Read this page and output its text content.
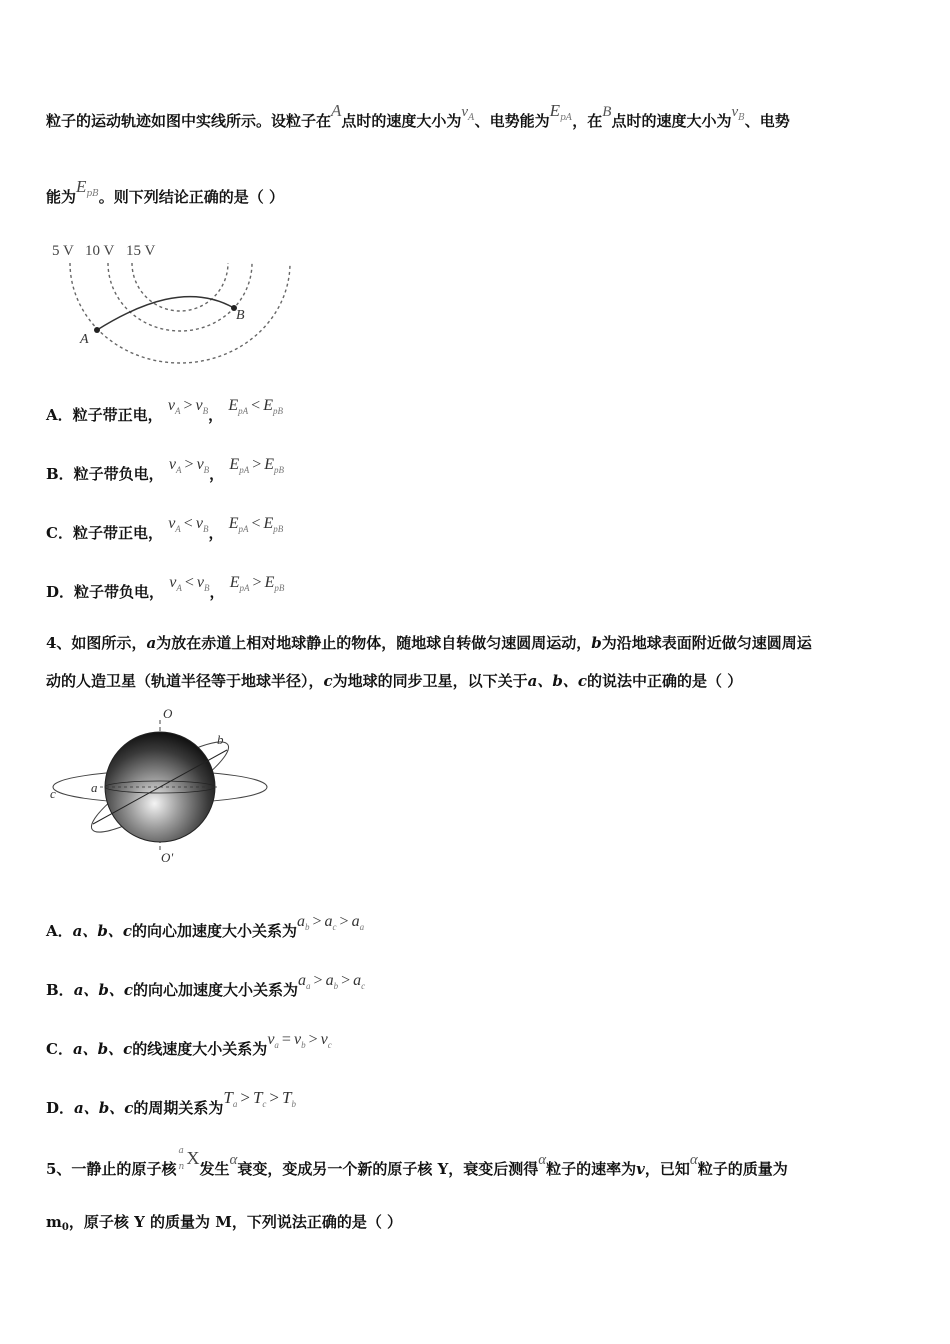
粒子的运动轨迹如图中实线所示。设粒子在A点时的速度大小为$v_A$、电势能为$E_{pA}$，在B点时的速度大小为$v_B$、电势
能为$E_{pB}$。则下列结论正确的是（ ）
5 V 10 V 15 V
A
B
A．粒子带正电， $v_A > v_B$， $E_{pA} < E_{pB}$
B．粒子带负电， $v_A > v_B$， $E_{pA} > E_{pB}$
C．粒子带正电， $v_A < v_B$， $E_{pA} < E_{pB}$
D．粒子带负电， $v_A < v_B$， $E_{pA} > E_{pB}$
4、如图所示，a为放在赤道上相对地球静止的物体，随地球自转做匀速圆周运动，b为沿地球表面附近做匀速圆周运
动的人造卫星（轨道半径等于地球半径），c为地球的同步卫星，以下关于a、b、c的说法中正确的是（ ）
O
O'
a
b
c
A．a、b、c的向心加速度大小关系为$a_b > a_c > a_a$
B．a、b、c的向心加速度大小关系为$a_a > a_b > a_c$
C．a、b、c的线速度大小关系为$v_a = v_b > v_c$
D．a、b、c的周期关系为$T_a > T_c > T_b$
5、一静止的原子核
a
n X发生α衰变，变成另一个新的原子核 Y，衰变后测得α粒子的速率为v，已知α粒子的质量为
$m_0$，原子核 Y 的质量为 M，下列说法正确的是（ ）
